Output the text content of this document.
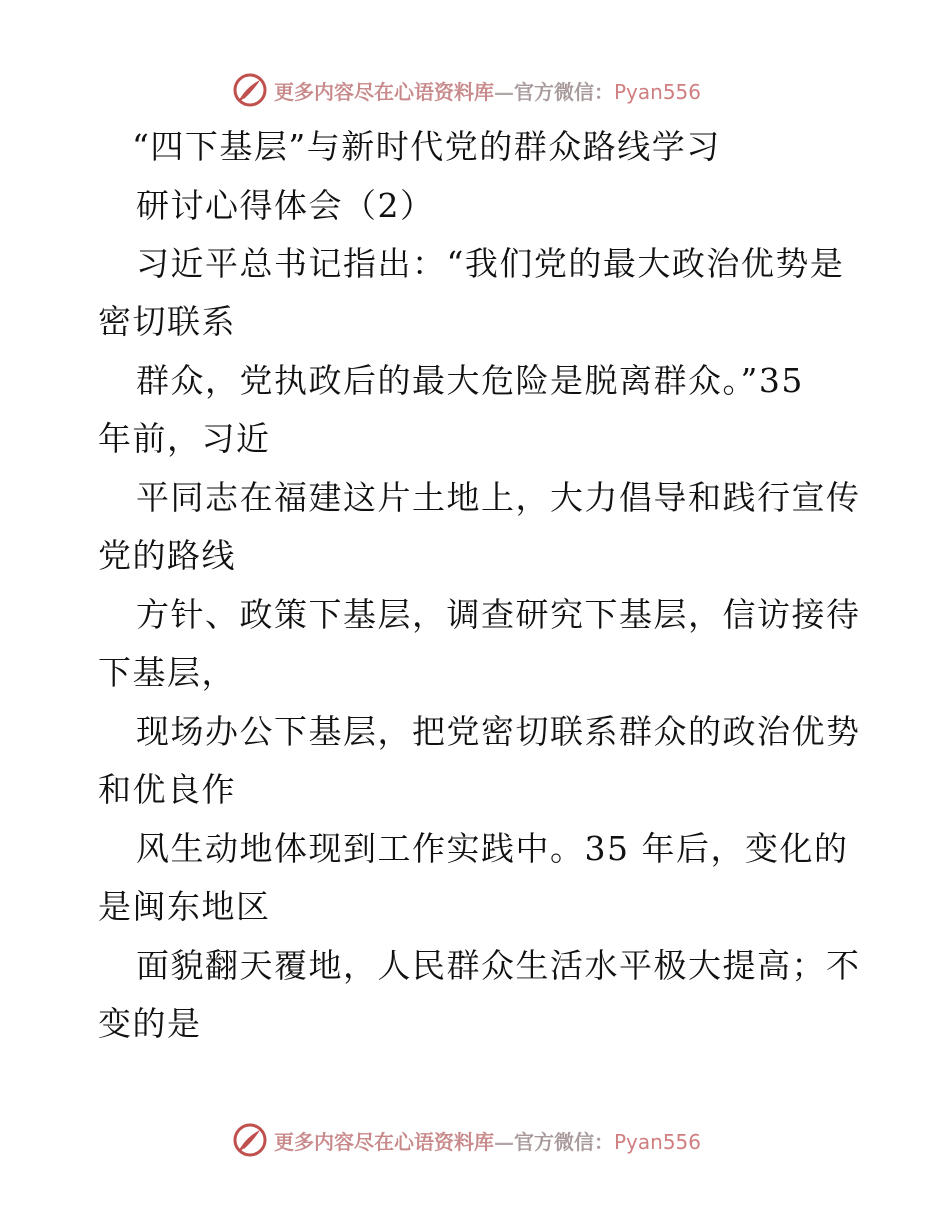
更多内容尽在心语资料库—官方微信：Pyan556
“四下基层”与新时代党的群众路线学习
研讨心得体会（2）
习近平总书记指出：“我们党的最大政治优势是
密切联系
群众，党执政后的最大危险是脱离群众。”35
年前，习近
平同志在福建这片土地上，大力倡导和践行宣传
党的路线
方针、政策下基层，调查研究下基层，信访接待
下基层，
现场办公下基层，把党密切联系群众的政治优势
和优良作
风生动地体现到工作实践中。35 年后，变化的
是闽东地区
面貌翻天覆地，人民群众生活水平极大提高；不
变的是
更多内容尽在心语资料库—官方微信：Pyan556
